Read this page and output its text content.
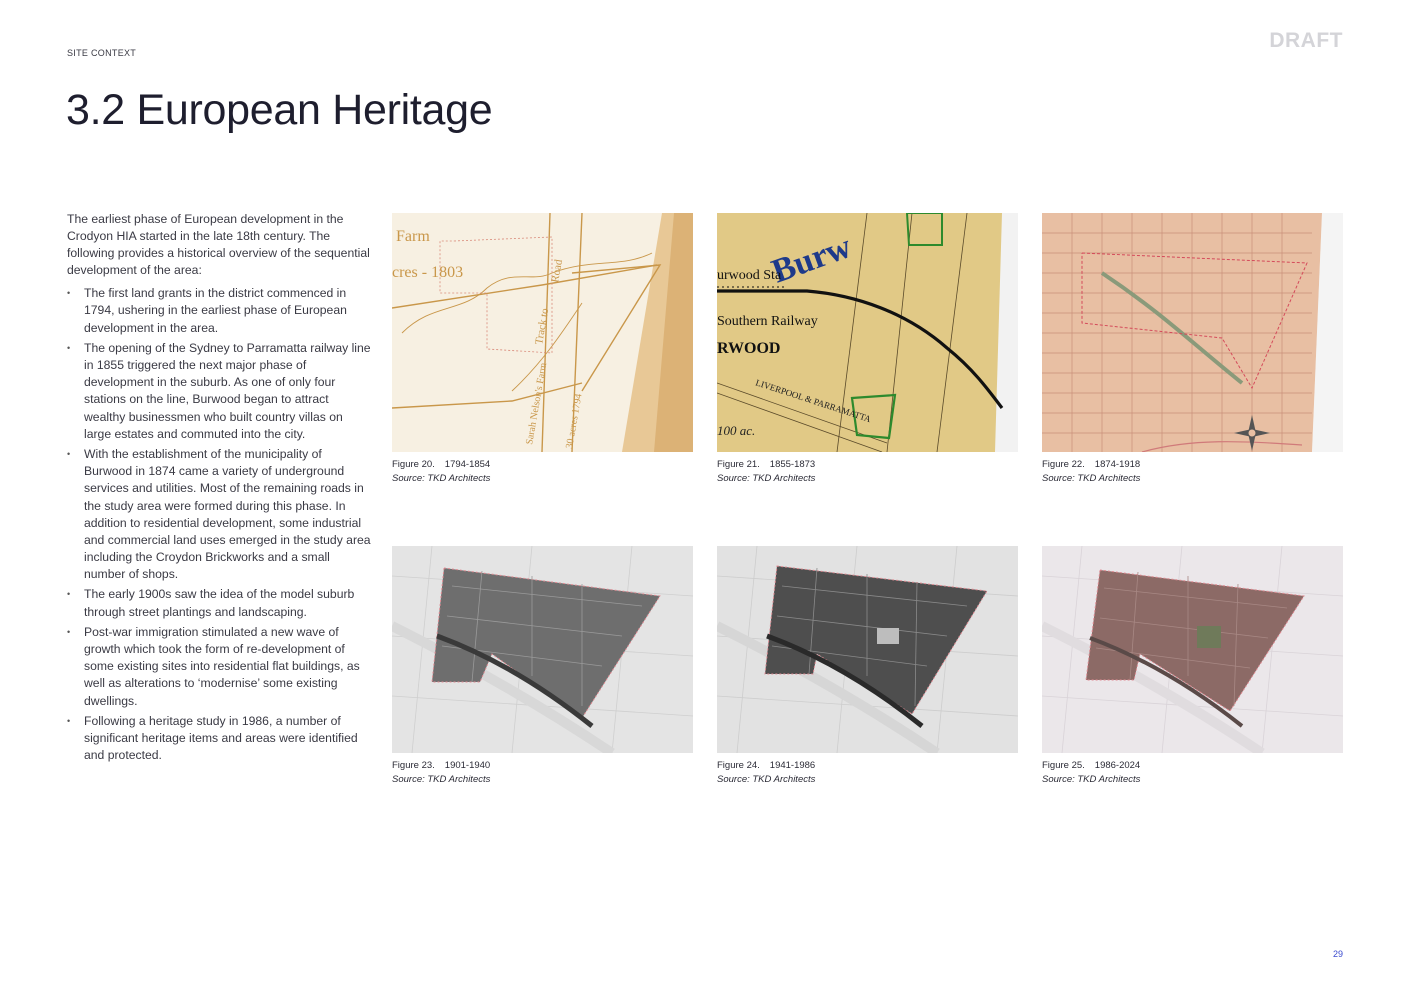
SITE CONTEXT
DRAFT
3.2 European Heritage

The earliest phase of European development in the Crodyon HIA started in the late 18th century. The following provides a historical overview of the sequential development of the area:

• The first land grants in the district commenced in 1794, ushering in the earliest phase of European development in the area.
• The opening of the Sydney to Parramatta railway line in 1855 triggered the next major phase of development in the suburb. As one of only four stations on the line, Burwood began to attract wealthy businessmen who built country villas on large estates and commuted into the city.
• With the establishment of the municipality of Burwood in 1874 came a variety of underground services and utilities. Most of the remaining roads in the study area were formed during this phase. In addition to residential development, some industrial and commercial land uses emerged in the study area including the Croydon Brickworks and a small number of shops.
• The early 1900s saw the idea of the model suburb through street plantings and landscaping.
• Post-war immigration stimulated a new wave of growth which took the form of re-development of some existing sites into residential flat buildings, as well as alterations to ‘modernise’ some existing dwellings.
• Following a heritage study in 1986, a number of significant heritage items and areas were identified and protected.
Farm
cres - 1803	Road
Track to
Sarah Nelson's Farm 30 acres 1794
Figure 20. 1794-1854
Source: TKD Architects
Burw
urwood Sta
Southern Railway
RWOOD
LIVERPOOL & PARRAMATTA
100 ac.
Figure 21. 1855-1873
Source: TKD Architects
Figure 22. 1874-1918
Source: TKD Architects
Figure 23. 1901-1940
Source: TKD Architects
Figure 24. 1941-1986
Source: TKD Architects
Figure 25. 1986-2024
Source: TKD Architects
29
